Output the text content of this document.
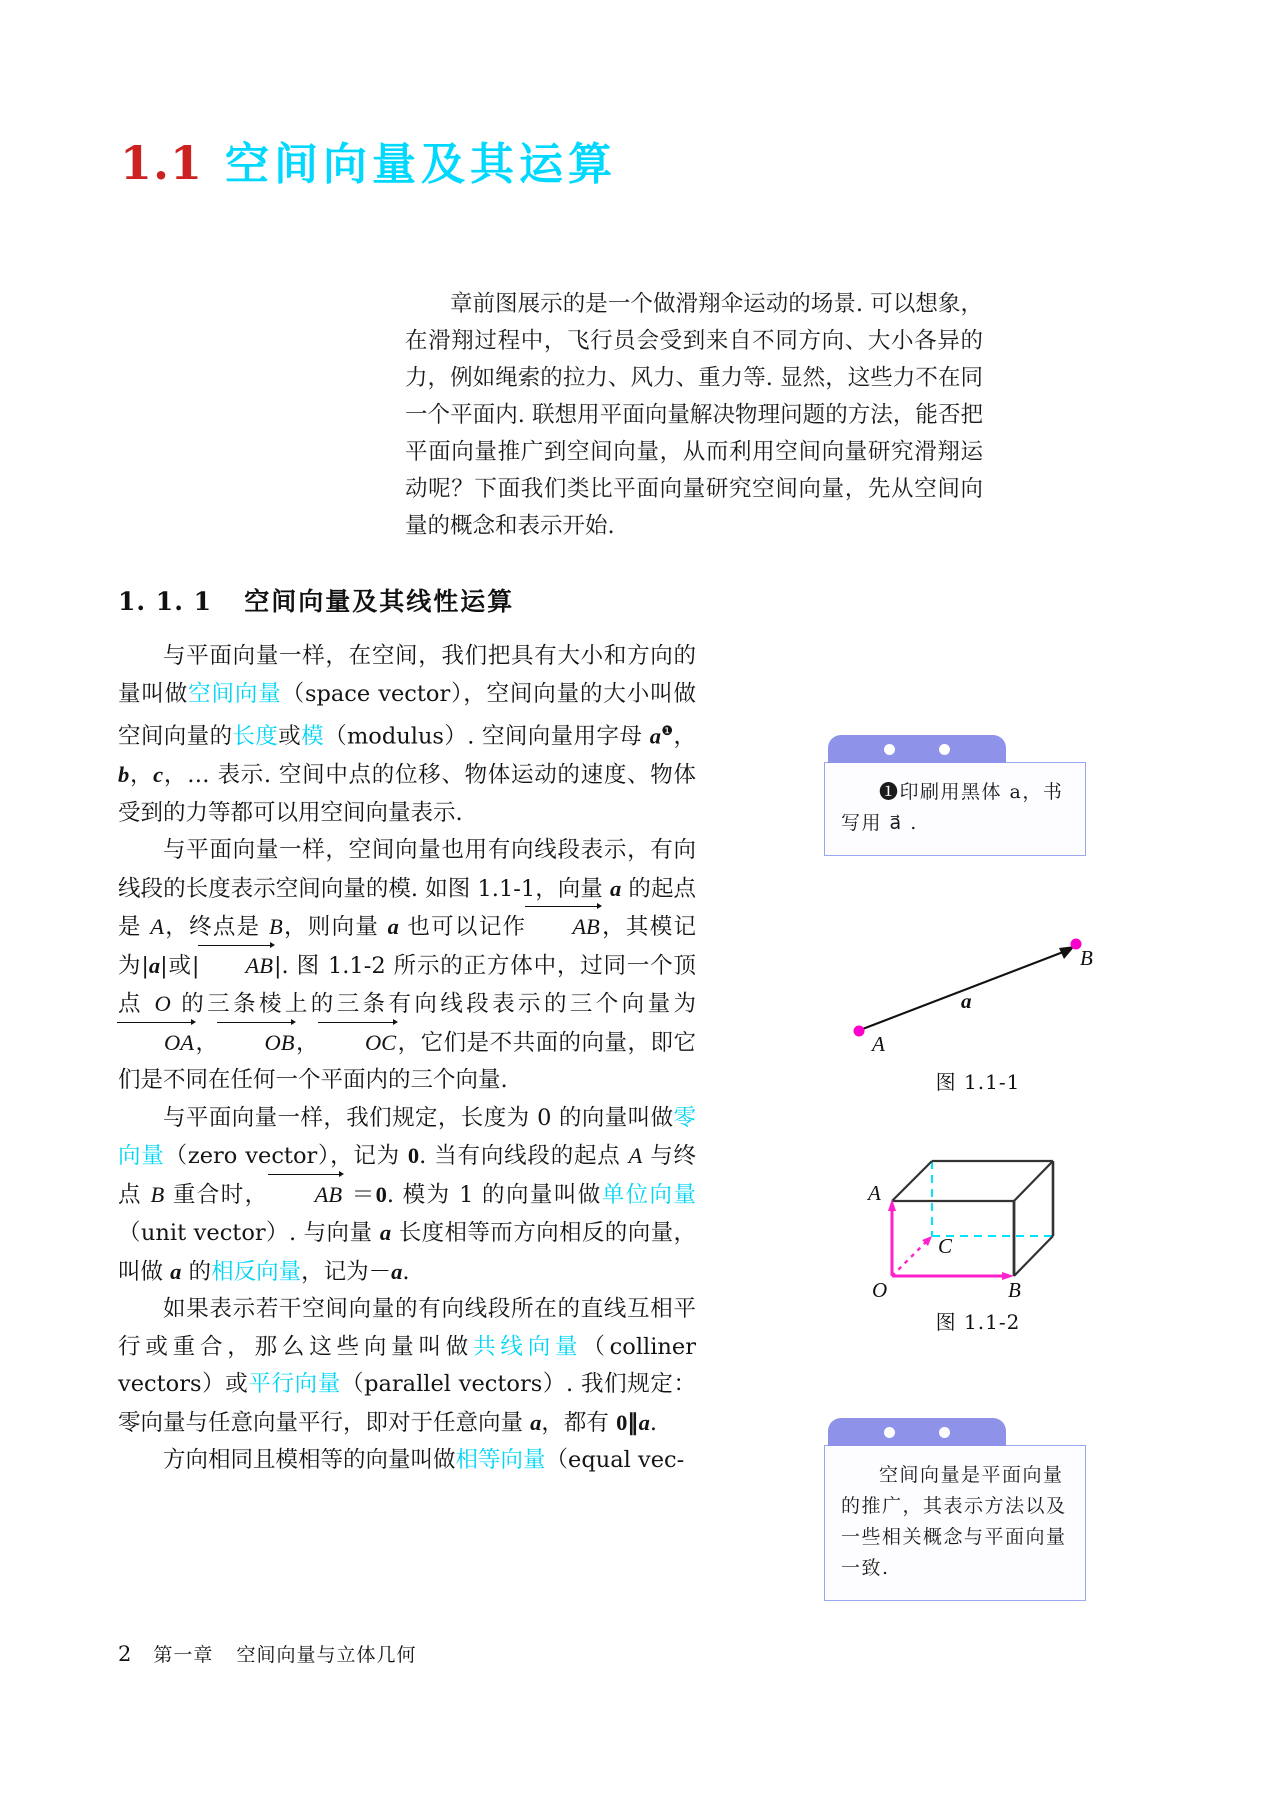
1.1 空间向量及其运算

章前图展示的是一个做滑翔伞运动的场景. 可以想象，在滑翔过程中，飞行员会受到来自不同方向、大小各异的力，例如绳索的拉力、风力、重力等. 显然，这些力不在同一个平面内. 联想用平面向量解决物理问题的方法，能否把平面向量推广到空间向量，从而利用空间向量研究滑翔运动呢？下面我们类比平面向量研究空间向量，先从空间向量的概念和表示开始.

1. 1. 1 空间向量及其线性运算

与平面向量一样，在空间，我们把具有大小和方向的量叫做空间向量（space vector），空间向量的大小叫做空间向量的长度或模（modulus）. 空间向量用字母 $a^❶$，b，c，… 表示. 空间中点的位移、物体运动的速度、物体受到的力等都可以用空间向量表示.

与平面向量一样，空间向量也用有向线段表示，有向线段的长度表示空间向量的模. 如图 1.1-1，向量 a 的起点是 A，终点是 B，则向量 a 也可以记作 AB，其模记为|a|或| AB|. 图 1.1-2 所示的正方体中，过同一个顶点 O 的三条棱上的三条有向线段表示的三个向量为OA， OB， OC，它们是不共面的向量，即它们是不同在任何一个平面内的三个向量.

与平面向量一样，我们规定，长度为 0 的向量叫做零向量（zero vector），记为 0. 当有向线段的起点 A 与终点 B 重合时， AB ＝0. 模为 1 的向量叫做单位向量（unit vector）. 与向量 a 长度相等而方向相反的向量，叫做 a 的相反向量，记为－a.

如果表示若干空间向量的有向线段所在的直线互相平行或重合，那么这些向量叫做共线向量（colliner vectors）或平行向量（parallel vectors）. 我们规定：零向量与任意向量平行，即对于任意向量 a，都有 0∥a.

方向相同且模相等的向量叫做相等向量（equal vec-

❶印刷用黑体 a，书写用 a⃗ .

A
B
a
图 1.1-1
A
C
O	B
图 1.1-2

空间向量是平面向量的推广，其表示方法以及一些相关概念与平面向量一致.

2 第一章 空间向量与立体几何
